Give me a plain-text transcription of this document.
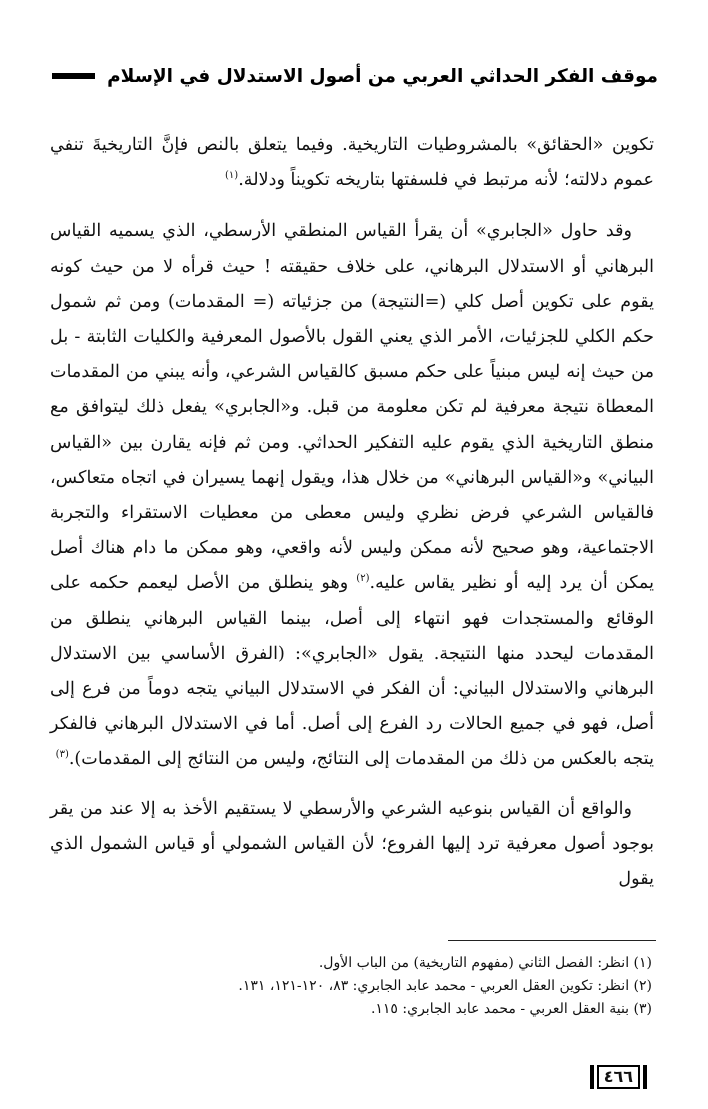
موقف الفكر الحداثي العربي من أصول الاستدلال في الإسلام

تكوين «الحقائق» بالمشروطيات التاريخية. وفيما يتعلق بالنص فإنَّ التاريخيةَ تنفي عموم دلالته؛ لأنه مرتبط في فلسفتها بتاريخه تكويناً ودلالة.$^{(١)}$

وقد حاول «الجابري» أن يقرأ القياس المنطقي الأرسطي، الذي يسميه القياس البرهاني أو الاستدلال البرهاني، على خلاف حقيقته ! حيث قرأه لا من حيث كونه يقوم على تكوين أصل كلي (=النتيجة) من جزئياته (= المقدمات) ومن ثم شمول حكم الكلي للجزئيات، الأمر الذي يعني القول بالأصول المعرفية والكليات الثابتة - بل من حيث إنه ليس مبنياً على حكم مسبق كالقياس الشرعي، وأنه يبني من المقدمات المعطاة نتيجة معرفية لم تكن معلومة من قبل. و«الجابري» يفعل ذلك ليتوافق مع منطق التاريخية الذي يقوم عليه التفكير الحداثي. ومن ثم فإنه يقارن بين «القياس البياني» و«القياس البرهاني» من خلال هذا، ويقول إنهما يسيران في اتجاه متعاكس، فالقياس الشرعي فرض نظري وليس معطى من معطيات الاستقراء والتجربة الاجتماعية، وهو صحيح لأنه ممكن وليس لأنه واقعي، وهو ممكن ما دام هناك أصل يمكن أن يرد إليه أو نظير يقاس عليه.$^{(٢)}$ وهو ينطلق من الأصل ليعمم حكمه على الوقائع والمستجدات فهو انتهاء إلى أصل، بينما القياس البرهاني ينطلق من المقدمات ليحدد منها النتيجة. يقول «الجابري»: (الفرق الأساسي بين الاستدلال البرهاني والاستدلال البياني: أن الفكر في الاستدلال البياني يتجه دوماً من فرع إلى أصل، فهو في جميع الحالات رد الفرع إلى أصل. أما في الاستدلال البرهاني فالفكر يتجه بالعكس من ذلك من المقدمات إلى النتائج، وليس من النتائج إلى المقدمات).$^{(٣)}$

والواقع أن القياس بنوعيه الشرعي والأرسطي لا يستقيم الأخذ به إلا عند من يقر بوجود أصول معرفية ترد إليها الفروع؛ لأن القياس الشمولي أو قياس الشمول الذي يقول

(١) انظر: الفصل الثاني (مفهوم التاريخية) من الباب الأول.
(٢) انظر: تكوين العقل العربي - محمد عابد الجابري: ٨٣، ١٢٠-١٢١، ١٣١.
(٣) بنية العقل العربي - محمد عابد الجابري: ١١٥.
٤٦٦
